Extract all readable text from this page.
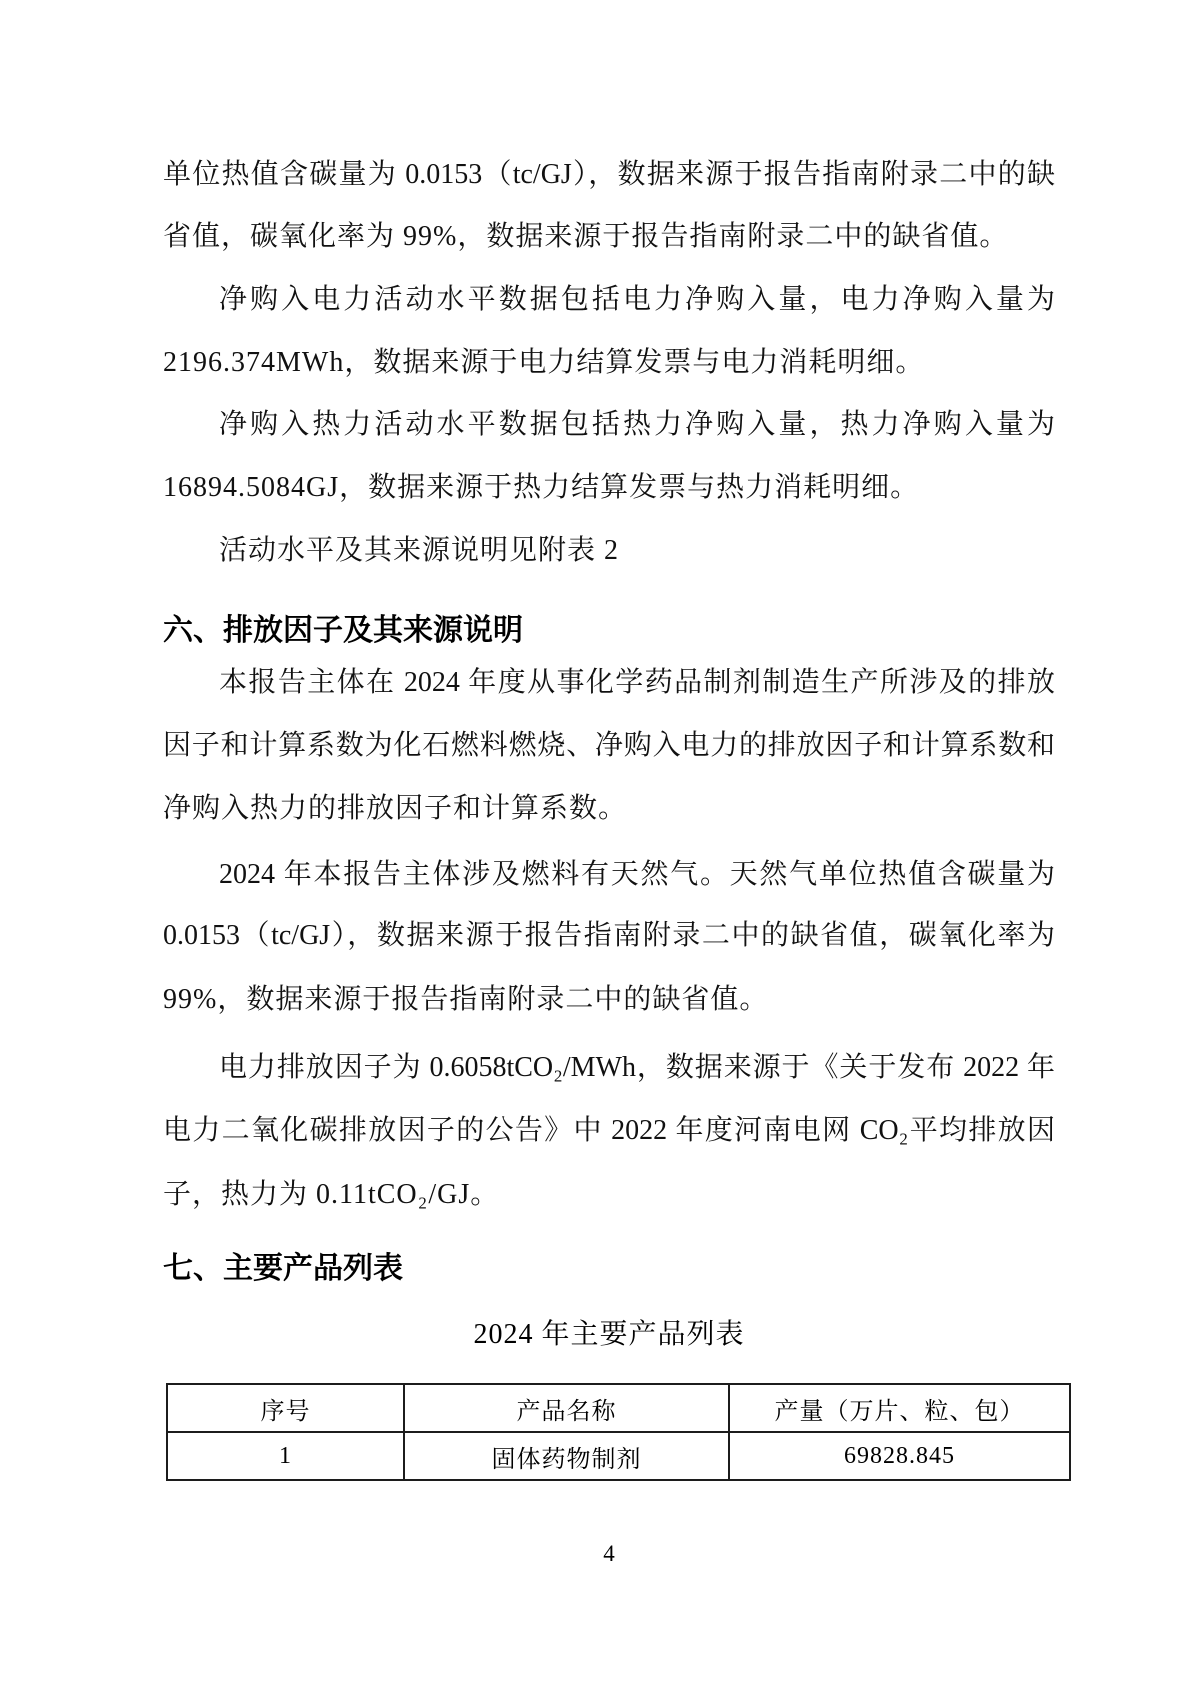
单位热值含碳量为 0.0153（tc/GJ），数据来源于报告指南附录二中的缺
省值，碳氧化率为 99%，数据来源于报告指南附录二中的缺省值。
净购入电力活动水平数据包括电力净购入量，电力净购入量为
2196.374MWh，数据来源于电力结算发票与电力消耗明细。
净购入热力活动水平数据包括热力净购入量，热力净购入量为
16894.5084GJ，数据来源于热力结算发票与热力消耗明细。
活动水平及其来源说明见附表 2
六、排放因子及其来源说明
本报告主体在 2024 年度从事化学药品制剂制造生产所涉及的排放
因子和计算系数为化石燃料燃烧、净购入电力的排放因子和计算系数和
净购入热力的排放因子和计算系数。
2024 年本报告主体涉及燃料有天然气。天然气单位热值含碳量为
0.0153（tc/GJ），数据来源于报告指南附录二中的缺省值，碳氧化率为
99%，数据来源于报告指南附录二中的缺省值。
电力排放因子为 0.6058tCO₂/MWh，数据来源于《关于发布 2022 年
电力二氧化碳排放因子的公告》中 2022 年度河南电网 CO₂平均排放因
子，热力为 0.11tCO₂/GJ。
七、主要产品列表
2024 年主要产品列表
序号	产品名称	产量（万片、粒、包）
1	固体药物制剂	69828.845
4
